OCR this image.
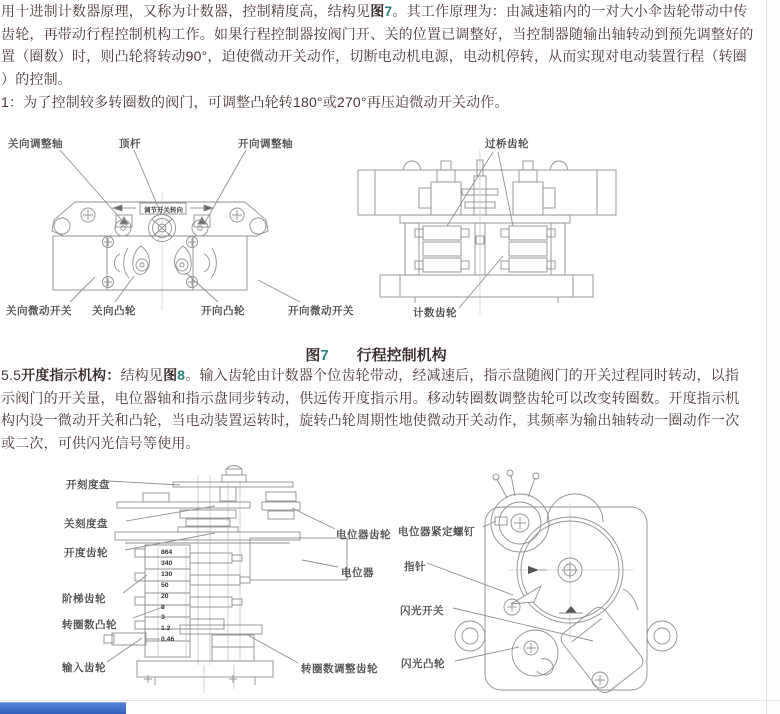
用十进制计数器原理，又称为计数器，控制精度高，结构见图7。其工作原理为：由减速箱内的一对大小伞齿轮带动中传
齿轮，再带动行程控制机构工作。如果行程控制器按阀门开、关的位置已调整好，当控制器随输出轴转动到预先调整好的
置（圈数）时，则凸轮将转动90°，迫使微动开关动作，切断电动机电源，电动机停转，从而实现对电动装置行程（转圈
）的控制。
1：为了控制较多转圈数的阀门，可调整凸轮转180°或270°再压迫微动开关动作。
关向调整轴	顶杆	开向调整轴
关向微动开关 关向凸轮	开向凸轮	开向微动开关
调节开关转向
过桥齿轮
计数齿轮
图7 行程控制机构
5.5开度指示机构：结构见图8。输入齿轮由计数器个位齿轮带动，经减速后，指示盘随阀门的开关过程同时转动，以指
示阀门的开关量，电位器轴和指示盘同步转动，供远传开度指示用。移动转圈数调整齿轮可以改变转圈数。开度指示机
构内设一微动开关和凸轮，当电动装置运转时，旋转凸轮周期性地使微动开关动作，其频率为输出轴转动一圈动作一次
或二次，可供闪光信号等使用。
开刻度盘
关刻度盘
开度齿轮
阶梯齿轮
转圈数凸轮
输入齿轮
电位器齿轮
电位器
转圈数调整齿轮
电位器紧定螺钉
指针
闪光开关
闪光凸轮
864
340
130
50
20
8
3
1.2
0.46
